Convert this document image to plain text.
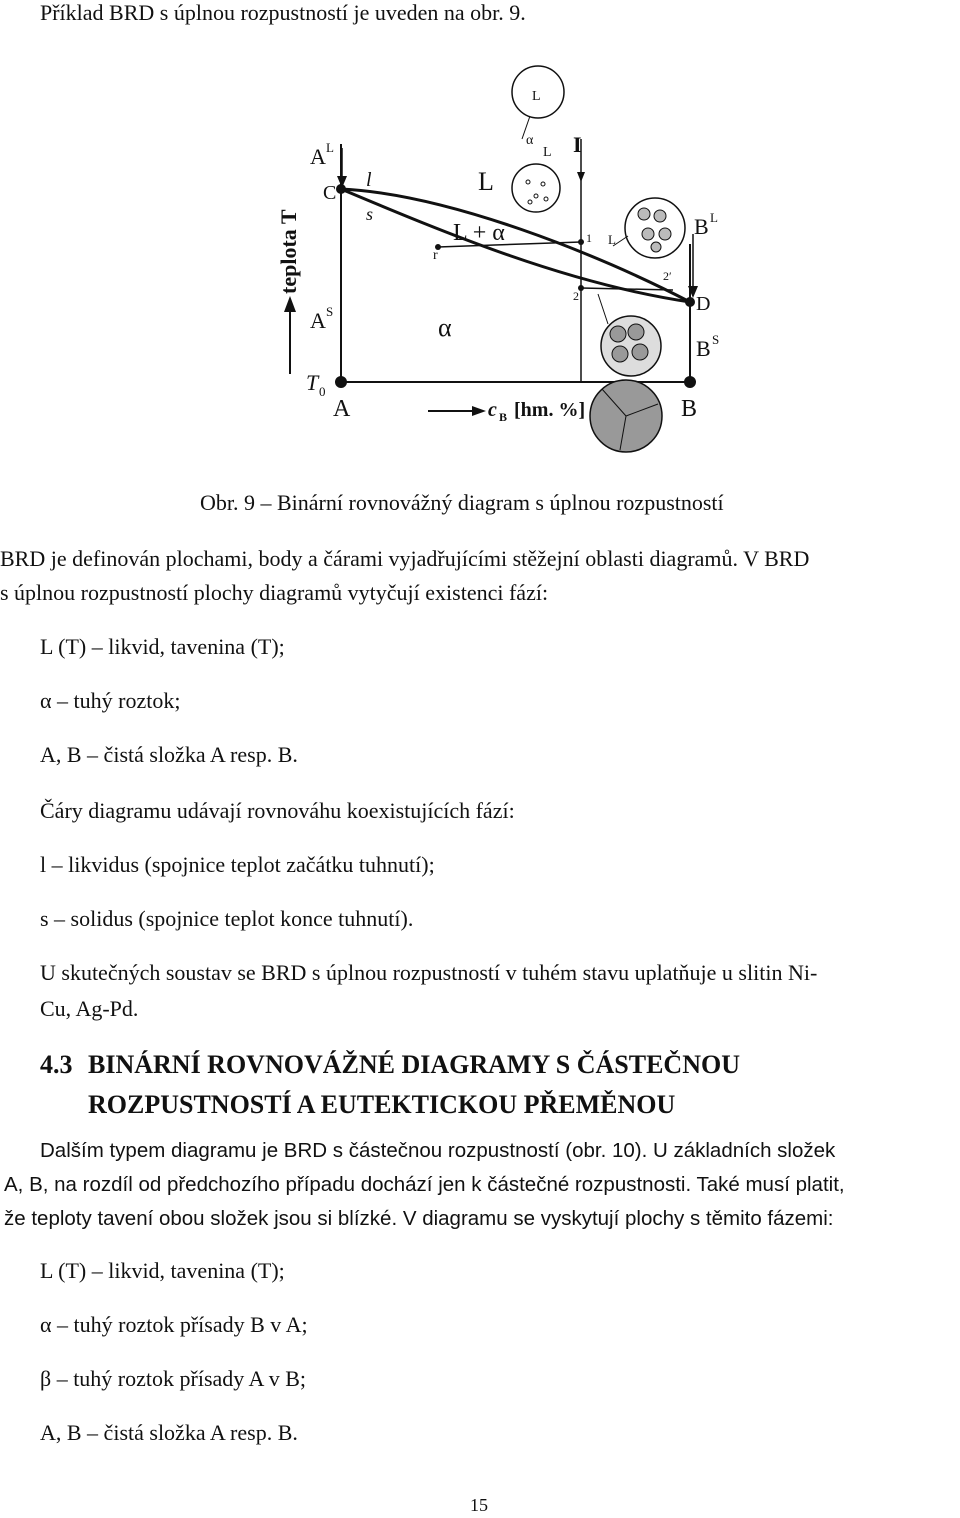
Příklad BRD s úplnou rozpustností je uveden na obr. 9.
teplota T
A L
C
l
s
r
A S
T 0
A
L
L + α
α
I
1
2
2′
L
α
L
L
B L
D
B S
c B [hm. %]	B
Obr. 9 – Binární rovnovážný diagram s úplnou rozpustností
BRD je definován plochami, body a čárami vyjadřujícími stěžejní oblasti diagramů. V BRD
s úplnou rozpustností plochy diagramů vytyčují existenci fází:
L (T) – likvid, tavenina (T);
α – tuhý roztok;
A, B – čistá složka A resp. B.
Čáry diagramu udávají rovnováhu koexistujících fází:
l – likvidus (spojnice teplot začátku tuhnutí);
s – solidus (spojnice teplot konce tuhnutí).
U skutečných soustav se BRD s úplnou rozpustností v tuhém stavu uplatňuje u slitin Ni-
Cu, Ag-Pd.
4.3 BINÁRNÍ ROVNOVÁŽNÉ DIAGRAMY S ČÁSTEČNOU
ROZPUSTNOSTÍ A EUTEKTICKOU PŘEMĚNOU
Dalším typem diagramu je BRD s částečnou rozpustností (obr. 10). U základních složek
A, B, na rozdíl od předchozího případu dochází jen k částečné rozpustnosti. Také musí platit,
že teploty tavení obou složek jsou si blízké. V diagramu se vyskytují plochy s těmito fázemi:
L (T) – likvid, tavenina (T);
α – tuhý roztok přísady B v A;
β – tuhý roztok přísady A v B;
A, B – čistá složka A resp. B.
15
